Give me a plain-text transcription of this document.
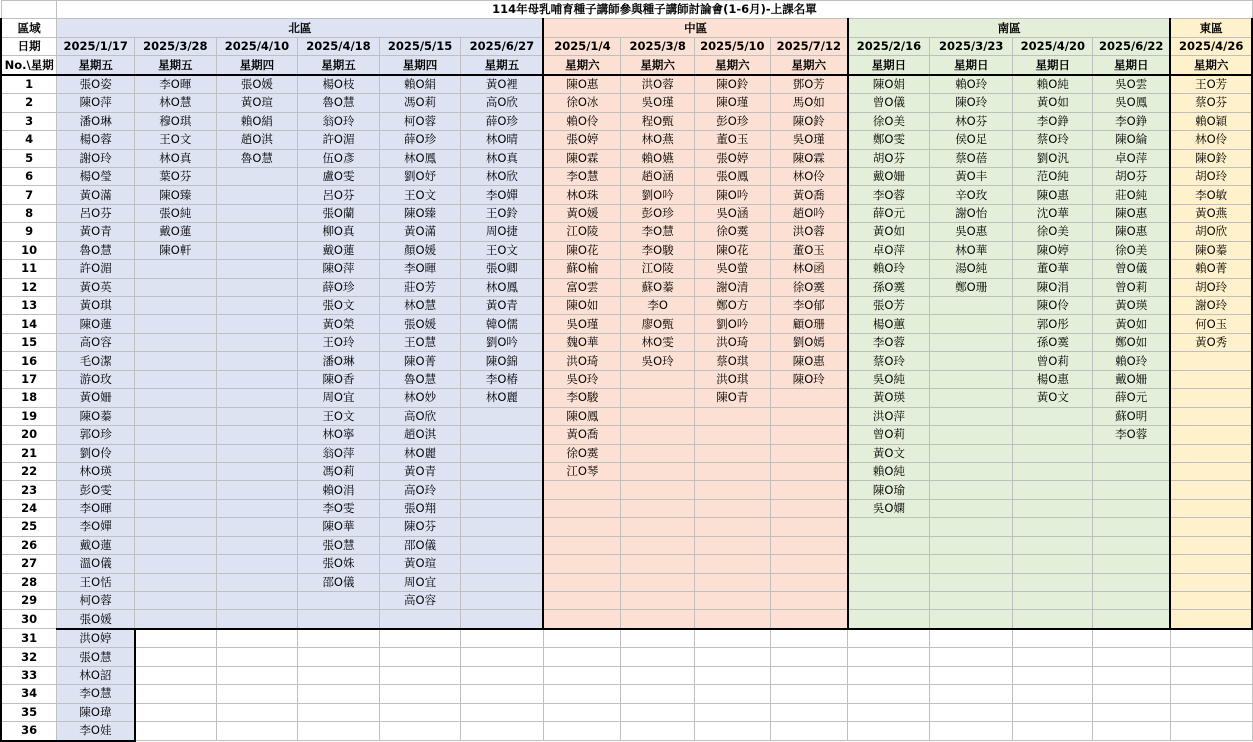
	114年母乳哺育種子講師參與種子講師討論會(1-6月)-上課名單														
區域	北區						中區				南區				東區
日期	2025/1/17	2025/3/28	2025/4/10	2025/4/18	2025/5/15	2025/6/27	2025/1/4	2025/3/8	2025/5/10	2025/7/12	2025/2/16	2025/3/23	2025/4/20	2025/6/22	2025/4/26
No.\星期	星期五	星期五	星期四	星期五	星期四	星期五	星期六	星期六	星期六	星期六	星期日	星期日	星期日	星期日	星期六
1	張O姿	李O暉	張O媛	楊O枝	賴O絹	黃O裡	陳O惠	洪O蓉	陳O鈴	鄧O芳	陳O娟	賴O玲	賴O純	吳O雲	王O芳
2	陳O萍	林O慧	黃O瑄	魯O慧	馮O莉	高O欣	徐O冰	吳O瑾	陳O瑾	馬O如	曾O儀	陳O玲	黃O如	吳O鳳	蔡O芬
3	潘O琳	穆O琪	賴O絹	翁O玲	柯O蓉	薛O珍	賴O伶	程O甄	彭O珍	陳O鈴	徐O美	林O芬	李O錚	李O錚	賴O穎
4	楊O蓉	王O文	趙O淇	許O湄	薛O珍	林O晴	張O婷	林O燕	董O玉	吳O瑾	鄭O雯	侯O足	蔡O玲	陳O綸	林O伶
5	謝O玲	林O真	魯O慧	伍O彥	林O鳳	林O真	陳O霖	賴O嬿	張O婷	陳O霖	胡O芬	蔡O蓓	劉O汎	卓O萍	陳O鈴
6	楊O瑩	葉O芬		盧O雯	劉O妤	林O欣	李O慧	趙O涵	張O鳳	林O伶	戴O姍	黃O丰	范O純	胡O芬	胡O玲
7	黃O滿	陳O臻		呂O芬	王O文	李O嬋	林O珠	劉O吟	陳O吟	黃O喬	李O蓉	辛O玫	陳O惠	莊O純	李O敏
8	呂O芬	張O純		張O蘭	陳O臻	王O鈴	黃O媛	彭O珍	吳O涵	趙O吟	薛O元	謝O怡	沈O華	陳O惠	黃O燕
9	黃O青	戴O蓮		柳O真	黃O滿	周O捷	江O陵	李O慧	徐O霙	洪O蓉	黃O如	吳O惠	徐O美	陳O惠	胡O欣
10	魯O慧	陳O軒		戴O蓮	顏O媛	王O文	陳O花	李O駿	陳O花	董O玉	卓O萍	林O華	陳O婷	徐O美	陳O蓁
11	許O湄			陳O萍	李O暉	張O卿	蘇O榆	江O陵	吳O螢	林O函	賴O玲	湯O純	董O華	曾O儀	賴O菁
12	黃O英			薛O珍	莊O芳	林O鳳	富O雲	蘇O蓁	謝O清	徐O霙	孫O霙	鄭O珊	陳O涓	曾O莉	胡O玲
13	黃O琪			張O文	林O慧	黃O青	陳O如	李O	鄭O方	李O郁	張O芳		陳O伶	黃O瑛	謝O玲
14	陳O蓮			黃O榮	張O媛	韓O儒	吳O瑾	廖O甄	劉O吟	顧O珊	楊O蕙		郭O彤	黃O如	何O玉
15	高O容			王O玲	王O慧	劉O吟	魏O華	林O雯	洪O琦	劉O嫣	李O蓉		孫O霙	鄭O如	黃O秀
16	毛O潔			潘O琳	陳O菁	陳O錦	洪O琦	吳O玲	蔡O琪	陳O惠	蔡O玲		曾O莉	賴O玲	
17	游O玫			陳O香	魯O慧	李O椿	吳O玲		洪O琪	陳O玲	吳O純		楊O惠	戴O姍	
18	黃O姍			周O宜	林O妙	林O麗	李O駿		陳O青		黃O瑛		黃O文	薛O元	
19	陳O蓁			王O文	高O欣		陳O鳳				洪O萍			蘇O明	
20	郭O珍			林O寧	趙O淇		黃O喬				曾O莉			李O蓉	
21	劉O伶			翁O萍	林O麗		徐O霙				黃O文				
22	林O瑛			馮O莉	黃O青		江O琴				賴O純				
23	彭O雯			賴O涓	高O玲						陳O瑜				
24	李O暉			李O雯	張O翔						吳O嫻				
25	李O嬋			陳O華	陳O芬										
26	戴O蓮			張O慧	邵O儀										
27	溫O儀			張O姝	黃O瑄										
28	王O恬			邵O儀	周O宜										
29	柯O蓉				高O容										
30	張O媛														
31	洪O婷														
32	張O慧														
33	林O詔														
34	李O慧														
35	陳O瑋														
36	李O娃														
